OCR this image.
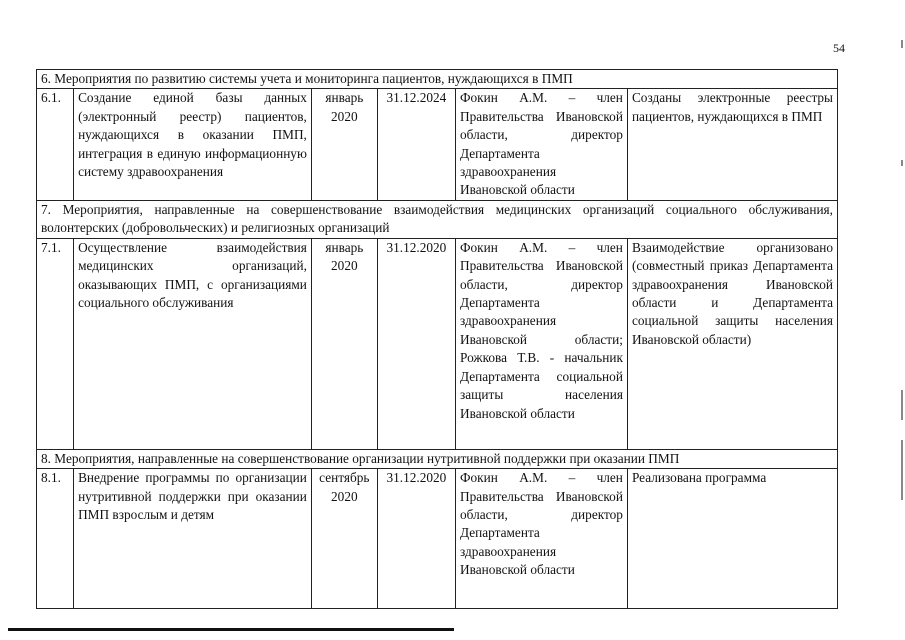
54
6. Мероприятия по развитию системы учета и мониторинга пациентов, нуждающихся в ПМП					
6.1.	Создание единой базы данных (электронный реестр) пациентов, нуждающихся в оказании ПМП, интеграция в единую информационную систему здравоохранения	январь 2020	31.12.2024	Фокин А.М. – член Правительства Ивановской области, директор Департамента здравоохранения Ивановской области	Созданы электронные реестры пациентов, нуждающихся в ПМП
7. Мероприятия, направленные на совершенствование взаимодействия медицинских организаций социального обслуживания, волонтерских (добровольческих) и религиозных организаций					
7.1.	Осуществление взаимодействия медицинских организаций, оказывающих ПМП, с организациями социального обслуживания	январь 2020	31.12.2020	Фокин А.М. – член Правительства Ивановской области, директор Департамента здравоохранения Ивановской области; Рожкова Т.В. - начальник Департамента социальной защиты населения Ивановской области	Взаимодействие организовано (совместный приказ Департамента здравоохранения Ивановской области и Департамента социальной защиты населения Ивановской области)
8. Мероприятия, направленные на совершенствование организации нутритивной поддержки при оказании ПМП					
8.1.	Внедрение программы по организации нутритивной поддержки при оказании ПМП взрослым и детям	сентябрь 2020	31.12.2020	Фокин А.М. – член Правительства Ивановской области, директор Департамента здравоохранения Ивановской области	Реализована программа
